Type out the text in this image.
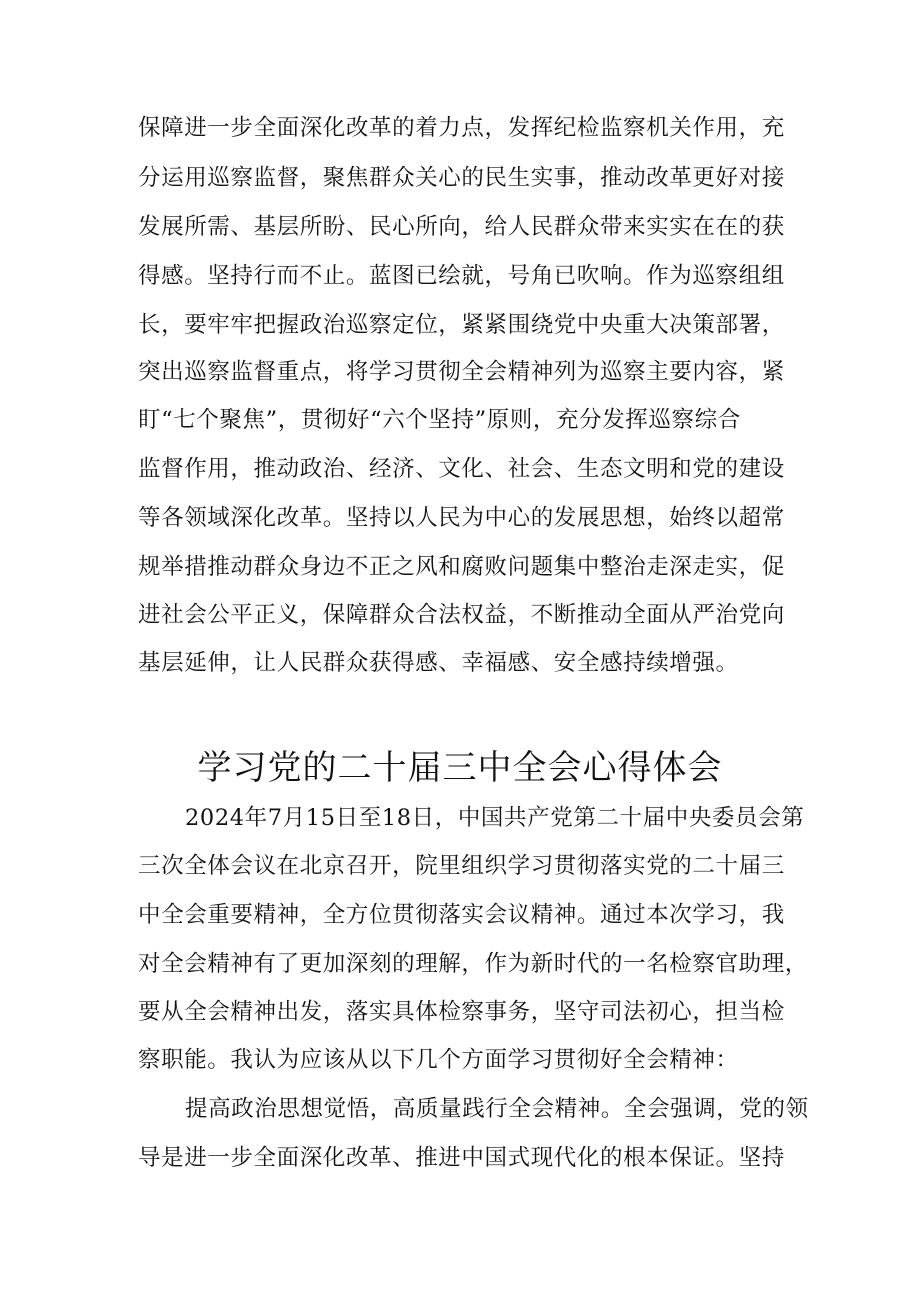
保障进一步全面深化改革的着力点，发挥纪检监察机关作用，充
分运用巡察监督，聚焦群众关心的民生实事，推动改革更好对接
发展所需、基层所盼、民心所向，给人民群众带来实实在在的获
得感。坚持行而不止。蓝图已绘就，号角已吹响。作为巡察组组
长，要牢牢把握政治巡察定位，紧紧围绕党中央重大决策部署，
突出巡察监督重点，将学习贯彻全会精神列为巡察主要内容，紧
盯“七个聚焦”，贯彻好“六个坚持”原则，充分发挥巡察综合
监督作用，推动政治、经济、文化、社会、生态文明和党的建设
等各领域深化改革。坚持以人民为中心的发展思想，始终以超常
规举措推动群众身边不正之风和腐败问题集中整治走深走实，促
进社会公平正义，保障群众合法权益，不断推动全面从严治党向
基层延伸，让人民群众获得感、幸福感、安全感持续增强。
学习党的二十届三中全会心得体会
2024年7月15日至18日，中国共产党第二十届中央委员会第
三次全体会议在北京召开，院里组织学习贯彻落实党的二十届三
中全会重要精神，全方位贯彻落实会议精神。通过本次学习，我
对全会精神有了更加深刻的理解，作为新时代的一名检察官助理，
要从全会精神出发，落实具体检察事务，坚守司法初心，担当检
察职能。我认为应该从以下几个方面学习贯彻好全会精神：
提高政治思想觉悟，高质量践行全会精神。全会强调，党的领
导是进一步全面深化改革、推进中国式现代化的根本保证。坚持
